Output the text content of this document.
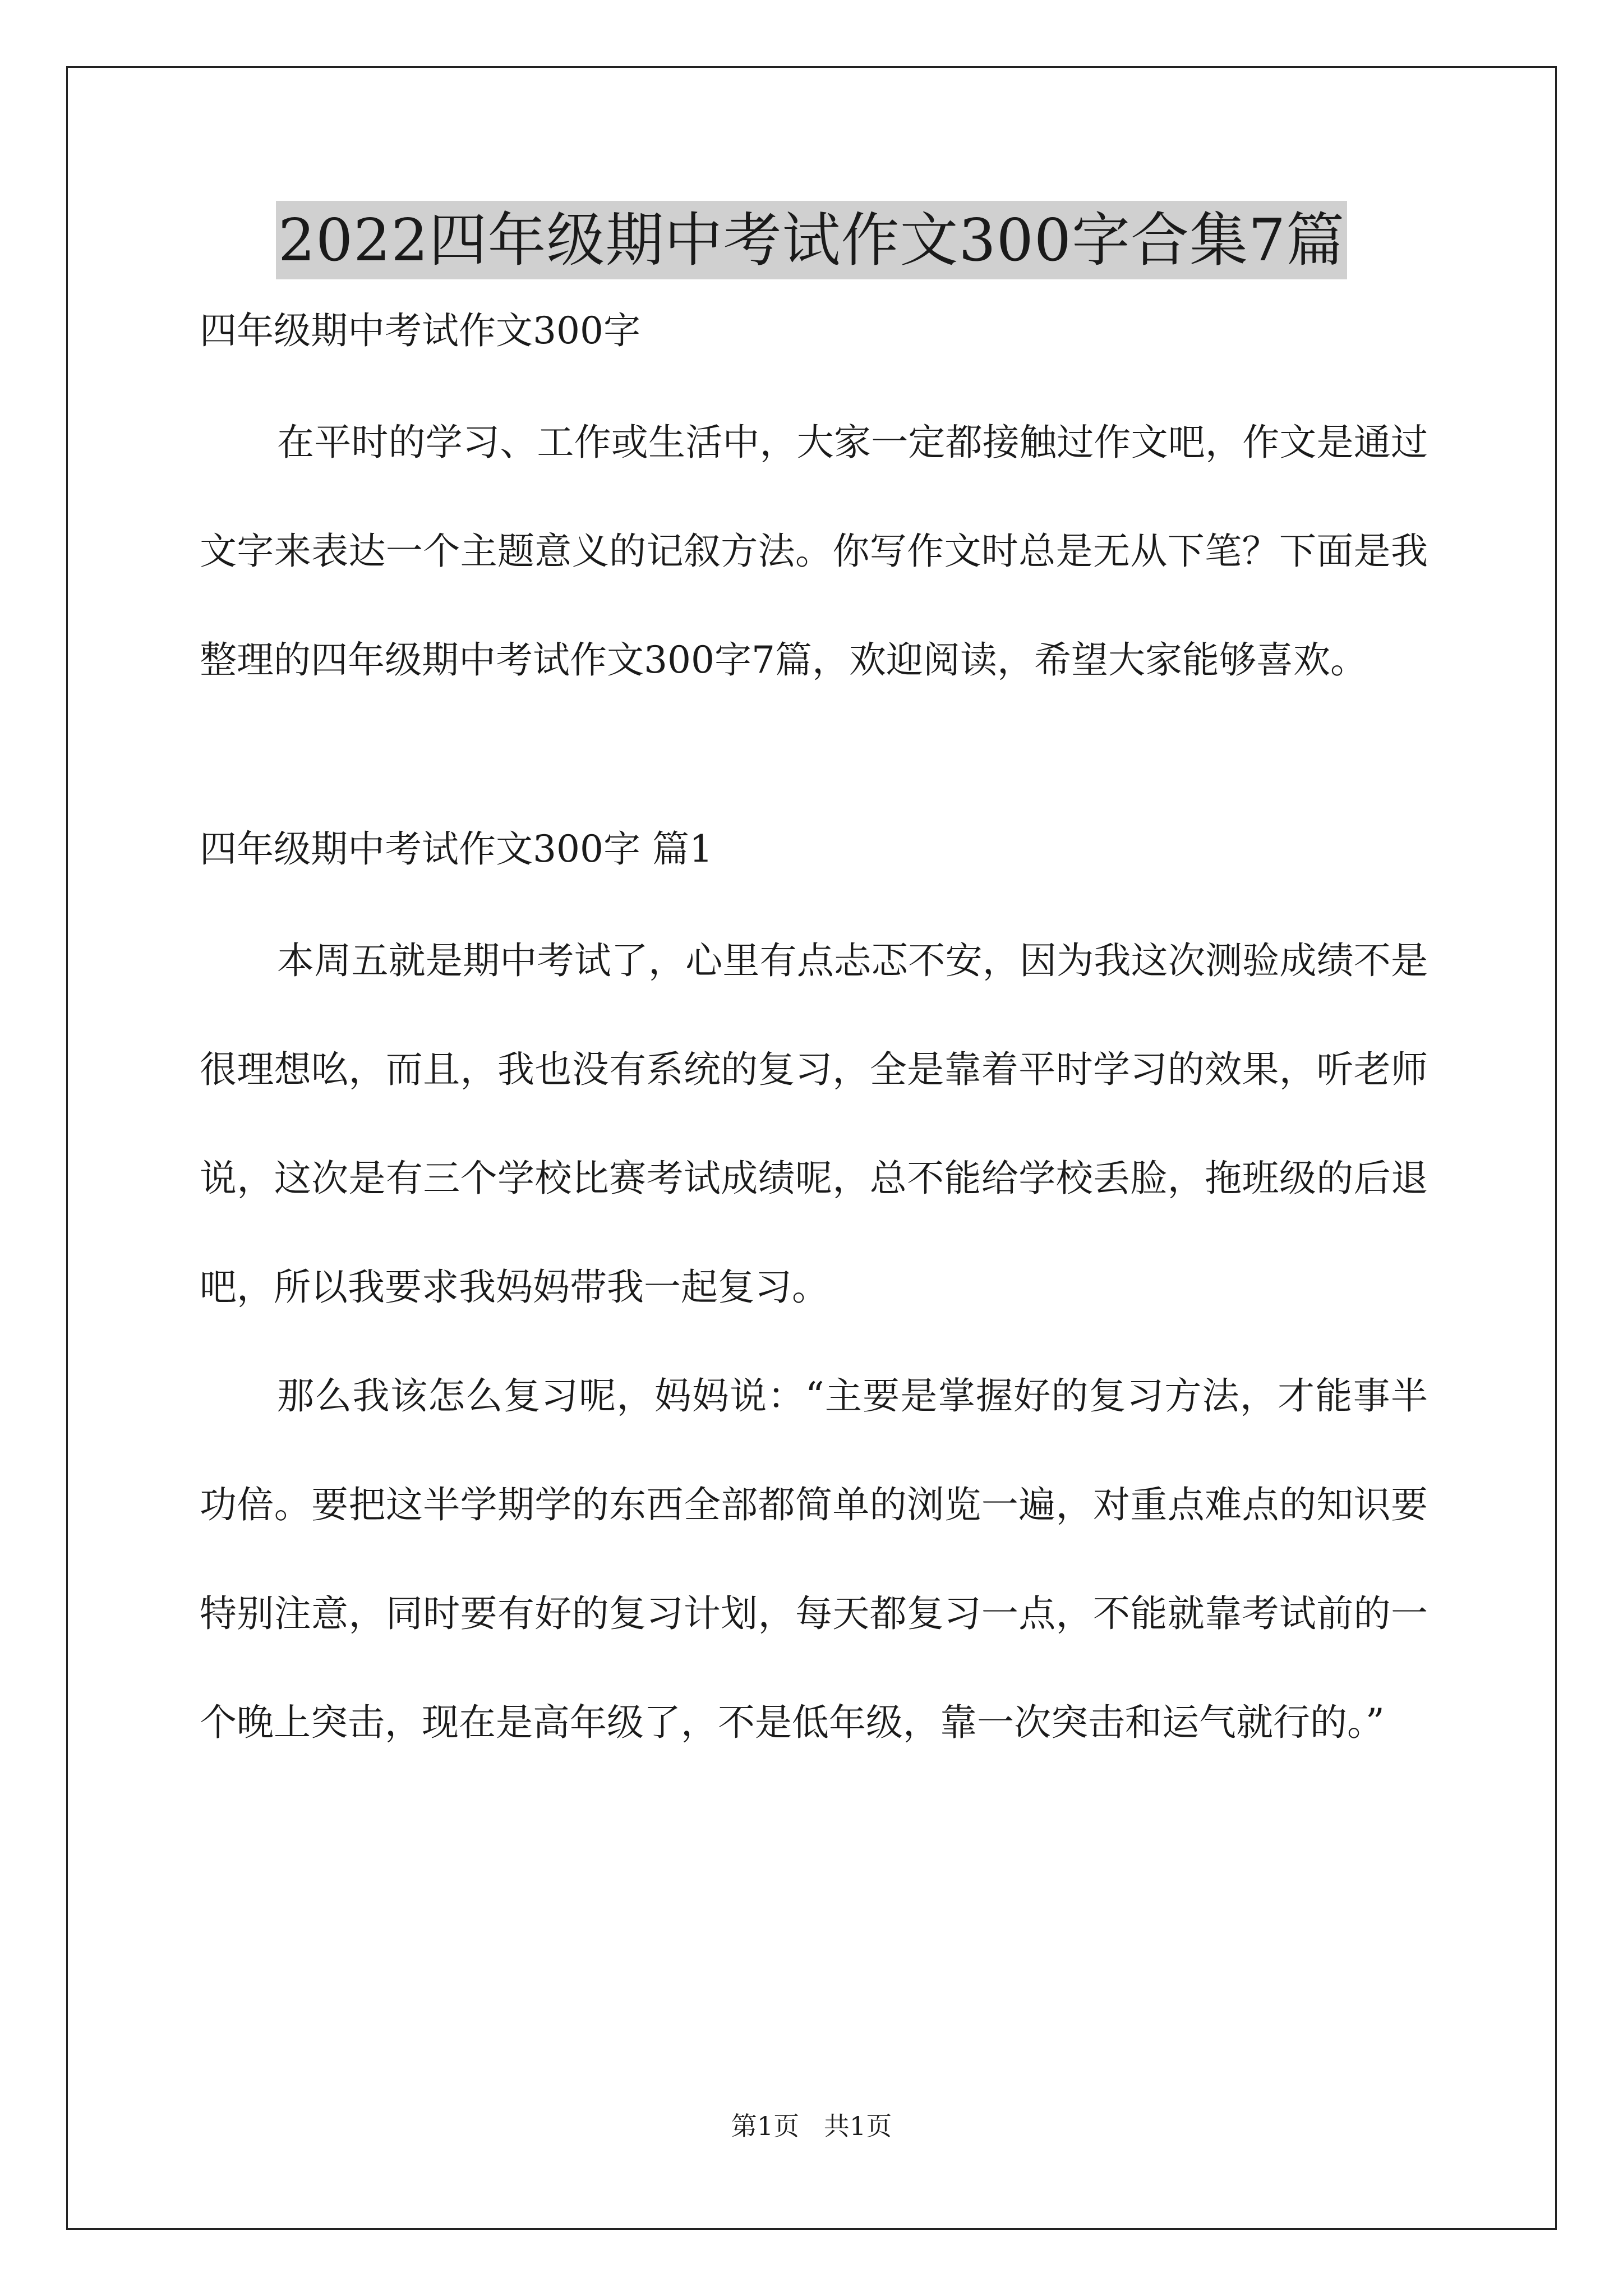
2022四年级期中考试作文300字合集7篇

四年级期中考试作文300字

在平时的学习、工作或生活中，大家一定都接触过作文吧，作文是通过文字来表达一个主题意义的记叙方法。你写作文时总是无从下笔？下面是我整理的四年级期中考试作文300字7篇，欢迎阅读，希望大家能够喜欢。

四年级期中考试作文300字 篇1

本周五就是期中考试了，心里有点忐忑不安，因为我这次测验成绩不是很理想吆，而且，我也没有系统的复习，全是靠着平时学习的效果，听老师说，这次是有三个学校比赛考试成绩呢，总不能给学校丢脸，拖班级的后退吧，所以我要求我妈妈带我一起复习。

那么我该怎么复习呢，妈妈说：“主要是掌握好的复习方法，才能事半功倍。要把这半学期学的东西全部都简单的浏览一遍，对重点难点的知识要特别注意，同时要有好的复习计划，每天都复习一点，不能就靠考试前的一个晚上突击，现在是高年级了，不是低年级，靠一次突击和运气就行的。”

第1页   共1页
